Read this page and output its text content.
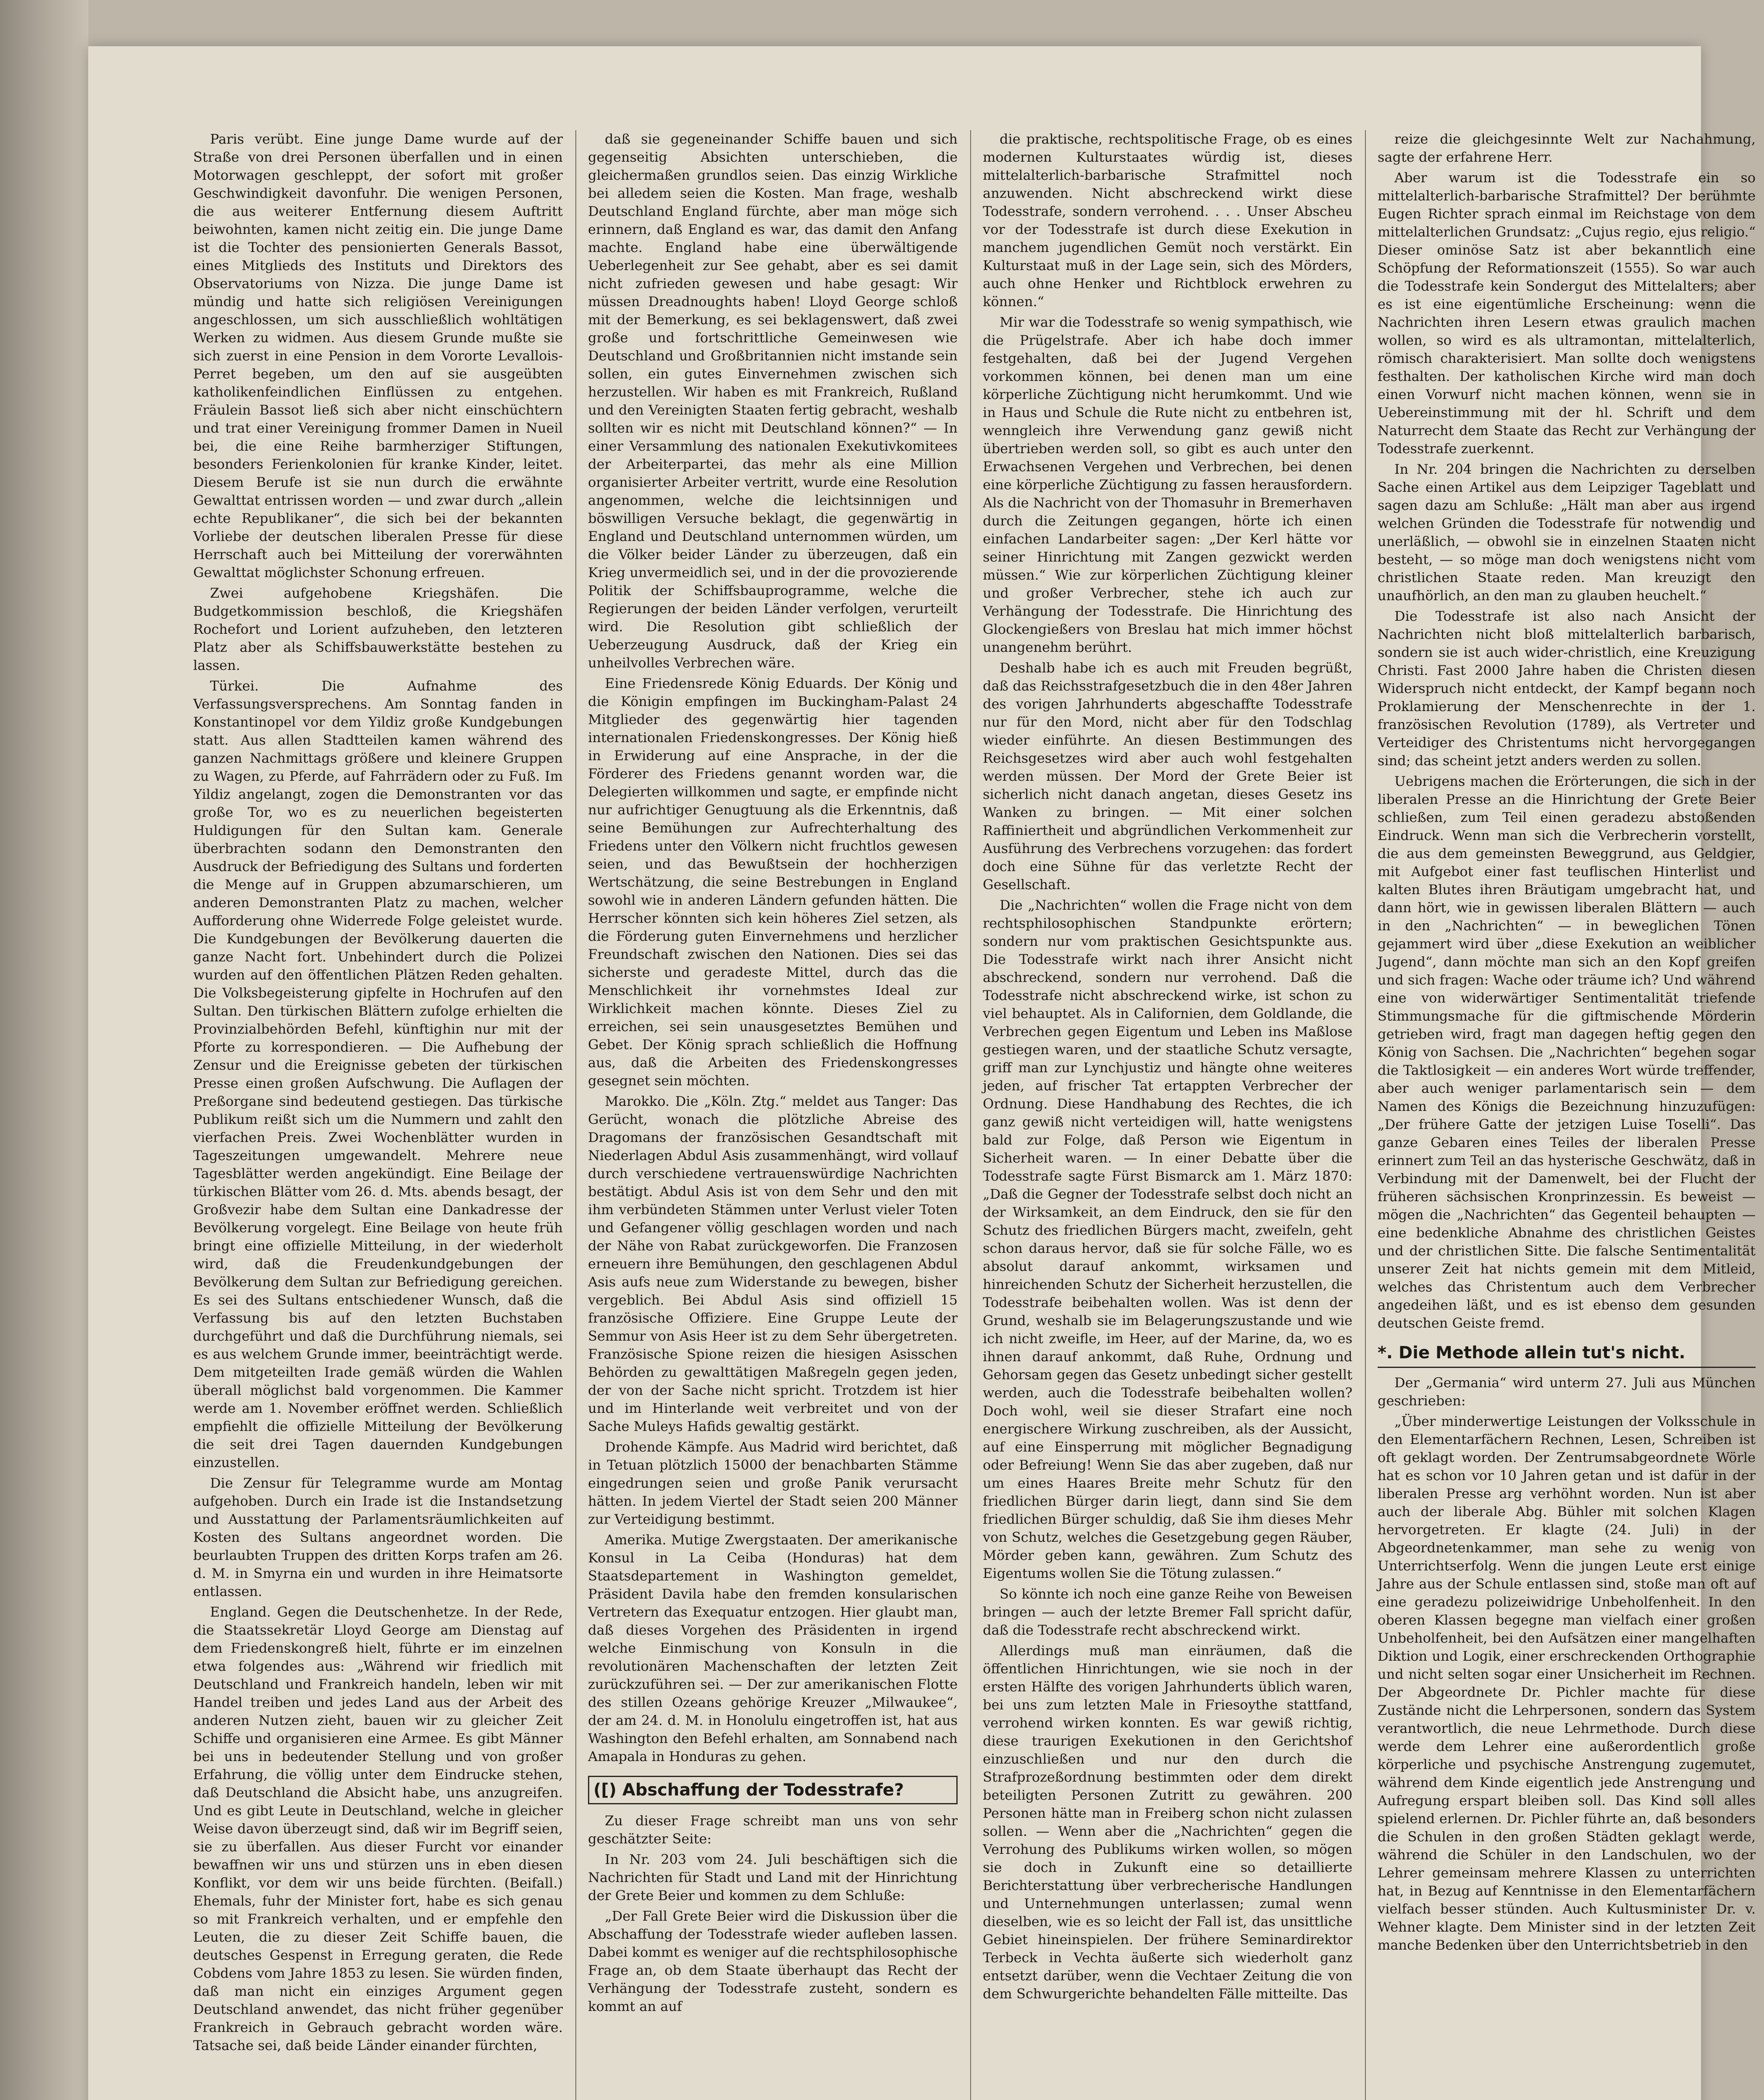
Paris verübt. Eine junge Dame wurde auf der Straße von drei Personen überfallen und in einen Motorwagen geschleppt, der sofort mit großer Geschwindigkeit davonfuhr. Die wenigen Personen, die aus weiterer Entfernung diesem Auftritt beiwohnten, kamen nicht zeitig ein. Die junge Dame ist die Tochter des pensionierten Generals Bassot, eines Mitglieds des Instituts und Direktors des Observatoriums von Nizza. Die junge Dame ist mündig und hatte sich religiösen Vereinigungen angeschlossen, um sich ausschließlich wohltätigen Werken zu widmen. Aus diesem Grunde mußte sie sich zuerst in eine Pension in dem Vororte Levallois-Perret begeben, um den auf sie ausgeübten katholikenfeindlichen Einflüssen zu entgehen. Fräulein Bassot ließ sich aber nicht einschüchtern und trat einer Vereinigung frommer Damen in Nueil bei, die eine Reihe barmherziger Stiftungen, besonders Ferienkolonien für kranke Kinder, leitet. Diesem Berufe ist sie nun durch die erwähnte Gewalttat entrissen worden — und zwar durch „allein echte Republikaner“, die sich bei der bekannten Vorliebe der deutschen liberalen Presse für diese Herrschaft auch bei Mitteilung der vorerwähnten Gewalttat möglichster Schonung erfreuen.

Zwei aufgehobene Kriegshäfen. Die Budgetkommission beschloß, die Kriegshäfen Rochefort und Lorient aufzuheben, den letzteren Platz aber als Schiffsbauwerkstätte bestehen zu lassen.

Türkei. Die Aufnahme des Verfassungsversprechens. Am Sonntag fanden in Konstantinopel vor dem Yildiz große Kundgebungen statt. Aus allen Stadtteilen kamen während des ganzen Nachmittags größere und kleinere Gruppen zu Wagen, zu Pferde, auf Fahrrädern oder zu Fuß. Im Yildiz angelangt, zogen die Demonstranten vor das große Tor, wo es zu neuerlichen begeisterten Huldigungen für den Sultan kam. Generale überbrachten sodann den Demonstranten den Ausdruck der Befriedigung des Sultans und forderten die Menge auf in Gruppen abzumarschieren, um anderen Demonstranten Platz zu machen, welcher Aufforderung ohne Widerrede Folge geleistet wurde. Die Kundgebungen der Bevölkerung dauerten die ganze Nacht fort. Unbehindert durch die Polizei wurden auf den öffentlichen Plätzen Reden gehalten. Die Volksbegeisterung gipfelte in Hochrufen auf den Sultan. Den türkischen Blättern zufolge erhielten die Provinzialbehörden Befehl, künftighin nur mit der Pforte zu korrespondieren. — Die Aufhebung der Zensur und die Ereignisse gebeten der türkischen Presse einen großen Aufschwung. Die Auflagen der Preßorgane sind bedeutend gestiegen. Das türkische Publikum reißt sich um die Nummern und zahlt den vierfachen Preis. Zwei Wochenblätter wurden in Tageszeitungen umgewandelt. Mehrere neue Tagesblätter werden angekündigt. Eine Beilage der türkischen Blätter vom 26. d. Mts. abends besagt, der Großvezir habe dem Sultan eine Dankadresse der Bevölkerung vorgelegt. Eine Beilage von heute früh bringt eine offizielle Mitteilung, in der wiederholt wird, daß die Freudenkundgebungen der Bevölkerung dem Sultan zur Befriedigung gereichen. Es sei des Sultans entschiedener Wunsch, daß die Verfassung bis auf den letzten Buchstaben durchgeführt und daß die Durchführung niemals, sei es aus welchem Grunde immer, beeinträchtigt werde. Dem mitgeteilten Irade gemäß würden die Wahlen überall möglichst bald vorgenommen. Die Kammer werde am 1. November eröffnet werden. Schließlich empfiehlt die offizielle Mitteilung der Bevölkerung die seit drei Tagen dauernden Kundgebungen einzustellen.

Die Zensur für Telegramme wurde am Montag aufgehoben. Durch ein Irade ist die Instandsetzung und Ausstattung der Parlamentsräumlichkeiten auf Kosten des Sultans angeordnet worden. Die beurlaubten Truppen des dritten Korps trafen am 26. d. M. in Smyrna ein und wurden in ihre Heimatsorte entlassen.

England. Gegen die Deutschenhetze. In der Rede, die Staatssekretär Lloyd George am Dienstag auf dem Friedenskongreß hielt, führte er im einzelnen etwa folgendes aus: „Während wir friedlich mit Deutschland und Frankreich handeln, leben wir mit Handel treiben und jedes Land aus der Arbeit des anderen Nutzen zieht, bauen wir zu gleicher Zeit Schiffe und organisieren eine Armee. Es gibt Männer bei uns in bedeutender Stellung und von großer Erfahrung, die völlig unter dem Eindrucke stehen, daß Deutschland die Absicht habe, uns anzugreifen. Und es gibt Leute in Deutschland, welche in gleicher Weise davon überzeugt sind, daß wir im Begriff seien, sie zu überfallen. Aus dieser Furcht vor einander bewaffnen wir uns und stürzen uns in eben diesen Konflikt, vor dem wir uns beide fürchten. (Beifall.) Ehemals, fuhr der Minister fort, habe es sich genau so mit Frankreich verhalten, und er empfehle den Leuten, die zu dieser Zeit Schiffe bauen, die deutsches Gespenst in Erregung geraten, die Rede Cobdens vom Jahre 1853 zu lesen. Sie würden finden, daß man nicht ein einziges Argument gegen Deutschland anwendet, das nicht früher gegenüber Frankreich in Gebrauch gebracht worden wäre. Tatsache sei, daß beide Länder einander fürchten,

daß sie gegeneinander Schiffe bauen und sich gegenseitig Absichten unterschieben, die gleichermaßen grundlos seien. Das einzig Wirkliche bei alledem seien die Kosten. Man frage, weshalb Deutschland England fürchte, aber man möge sich erinnern, daß England es war, das damit den Anfang machte. England habe eine überwältigende Ueberlegenheit zur See gehabt, aber es sei damit nicht zufrieden gewesen und habe gesagt: Wir müssen Dreadnoughts haben! Lloyd George schloß mit der Bemerkung, es sei beklagenswert, daß zwei große und fortschrittliche Gemeinwesen wie Deutschland und Großbritannien nicht imstande sein sollen, ein gutes Einvernehmen zwischen sich herzustellen. Wir haben es mit Frankreich, Rußland und den Vereinigten Staaten fertig gebracht, weshalb sollten wir es nicht mit Deutschland können?“ — In einer Versammlung des nationalen Exekutivkomitees der Arbeiterpartei, das mehr als eine Million organisierter Arbeiter vertritt, wurde eine Resolution angenommen, welche die leichtsinnigen und böswilligen Versuche beklagt, die gegenwärtig in England und Deutschland unternommen würden, um die Völker beider Länder zu überzeugen, daß ein Krieg unvermeidlich sei, und in der die provozierende Politik der Schiffsbauprogramme, welche die Regierungen der beiden Länder verfolgen, verurteilt wird. Die Resolution gibt schließlich der Ueberzeugung Ausdruck, daß der Krieg ein unheilvolles Verbrechen wäre.

Eine Friedensrede König Eduards. Der König und die Königin empfingen im Buckingham-Palast 24 Mitglieder des gegenwärtig hier tagenden internationalen Friedenskongresses. Der König hieß in Erwiderung auf eine Ansprache, in der die Förderer des Friedens genannt worden war, die Delegierten willkommen und sagte, er empfinde nicht nur aufrichtiger Genugtuung als die Erkenntnis, daß seine Bemühungen zur Aufrechterhaltung des Friedens unter den Völkern nicht fruchtlos gewesen seien, und das Bewußtsein der hochherzigen Wertschätzung, die seine Bestrebungen in England sowohl wie in anderen Ländern gefunden hätten. Die Herrscher könnten sich kein höheres Ziel setzen, als die Förderung guten Einvernehmens und herzlicher Freundschaft zwischen den Nationen. Dies sei das sicherste und geradeste Mittel, durch das die Menschlichkeit ihr vornehmstes Ideal zur Wirklichkeit machen könnte. Dieses Ziel zu erreichen, sei sein unausgesetztes Bemühen und Gebet. Der König sprach schließlich die Hoffnung aus, daß die Arbeiten des Friedenskongresses gesegnet sein möchten.

Marokko. Die „Köln. Ztg.“ meldet aus Tanger: Das Gerücht, wonach die plötzliche Abreise des Dragomans der französischen Gesandtschaft mit Niederlagen Abdul Asis zusammenhängt, wird vollauf durch verschiedene vertrauenswürdige Nachrichten bestätigt. Abdul Asis ist von dem Sehr und den mit ihm verbündeten Stämmen unter Verlust vieler Toten und Gefangener völlig geschlagen worden und nach der Nähe von Rabat zurückgeworfen. Die Franzosen erneuern ihre Bemühungen, den geschlagenen Abdul Asis aufs neue zum Widerstande zu bewegen, bisher vergeblich. Bei Abdul Asis sind offiziell 15 französische Offiziere. Eine Gruppe Leute der Semmur von Asis Heer ist zu dem Sehr übergetreten. Französische Spione reizen die hiesigen Asisschen Behörden zu gewalttätigen Maßregeln gegen jeden, der von der Sache nicht spricht. Trotzdem ist hier und im Hinterlande weit verbreitet und von der Sache Muleys Hafids gewaltig gestärkt.

Drohende Kämpfe. Aus Madrid wird berichtet, daß in Tetuan plötzlich 15000 der benachbarten Stämme eingedrungen seien und große Panik verursacht hätten. In jedem Viertel der Stadt seien 200 Männer zur Verteidigung bestimmt.

Amerika. Mutige Zwergstaaten. Der amerikanische Konsul in La Ceiba (Honduras) hat dem Staatsdepartement in Washington gemeldet, Präsident Davila habe den fremden konsularischen Vertretern das Exequatur entzogen. Hier glaubt man, daß dieses Vorgehen des Präsidenten in irgend welche Einmischung von Konsuln in die revolutionären Machenschaften der letzten Zeit zurückzuführen sei. — Der zur amerikanischen Flotte des stillen Ozeans gehörige Kreuzer „Milwaukee“, der am 24. d. M. in Honolulu eingetroffen ist, hat aus Washington den Befehl erhalten, am Sonnabend nach Amapala in Honduras zu gehen.

([) Abschaffung der Todesstrafe?

Zu dieser Frage schreibt man uns von sehr geschätzter Seite:

In Nr. 203 vom 24. Juli beschäftigen sich die Nachrichten für Stadt und Land mit der Hinrichtung der Grete Beier und kommen zu dem Schluße:

„Der Fall Grete Beier wird die Diskussion über die Abschaffung der Todesstrafe wieder aufleben lassen. Dabei kommt es weniger auf die rechtsphilosophische Frage an, ob dem Staate überhaupt das Recht der Verhängung der Todesstrafe zusteht, sondern es kommt an auf

die praktische, rechtspolitische Frage, ob es eines modernen Kulturstaates würdig ist, dieses mittelalterlich-barbarische Strafmittel noch anzuwenden. Nicht abschreckend wirkt diese Todesstrafe, sondern verrohend. . . . Unser Abscheu vor der Todesstrafe ist durch diese Exekution in manchem jugendlichen Gemüt noch verstärkt. Ein Kulturstaat muß in der Lage sein, sich des Mörders, auch ohne Henker und Richtblock erwehren zu können.“

Mir war die Todesstrafe so wenig sympathisch, wie die Prügelstrafe. Aber ich habe doch immer festgehalten, daß bei der Jugend Vergehen vorkommen können, bei denen man um eine körperliche Züchtigung nicht herumkommt. Und wie in Haus und Schule die Rute nicht zu entbehren ist, wenngleich ihre Verwendung ganz gewiß nicht übertrieben werden soll, so gibt es auch unter den Erwachsenen Vergehen und Verbrechen, bei denen eine körperliche Züchtigung zu fassen herausfordern. Als die Nachricht von der Thomasuhr in Bremerhaven durch die Zeitungen gegangen, hörte ich einen einfachen Landarbeiter sagen: „Der Kerl hätte vor seiner Hinrichtung mit Zangen gezwickt werden müssen.“ Wie zur körperlichen Züchtigung kleiner und großer Verbrecher, stehe ich auch zur Verhängung der Todesstrafe. Die Hinrichtung des Glockengießers von Breslau hat mich immer höchst unangenehm berührt.

Deshalb habe ich es auch mit Freuden begrüßt, daß das Reichsstrafgesetzbuch die in den 48er Jahren des vorigen Jahrhunderts abgeschaffte Todesstrafe nur für den Mord, nicht aber für den Todschlag wieder einführte. An diesen Bestimmungen des Reichsgesetzes wird aber auch wohl festgehalten werden müssen. Der Mord der Grete Beier ist sicherlich nicht danach angetan, dieses Gesetz ins Wanken zu bringen. — Mit einer solchen Raffiniertheit und abgründlichen Verkommenheit zur Ausführung des Verbrechens vorzugehen: das fordert doch eine Sühne für das verletzte Recht der Gesellschaft.

Die „Nachrichten“ wollen die Frage nicht von dem rechtsphilosophischen Standpunkte erörtern; sondern nur vom praktischen Gesichtspunkte aus. Die Todesstrafe wirkt nach ihrer Ansicht nicht abschreckend, sondern nur verrohend. Daß die Todesstrafe nicht abschreckend wirke, ist schon zu viel behauptet. Als in Californien, dem Goldlande, die Verbrechen gegen Eigentum und Leben ins Maßlose gestiegen waren, und der staatliche Schutz versagte, griff man zur Lynchjustiz und hängte ohne weiteres jeden, auf frischer Tat ertappten Verbrecher der Ordnung. Diese Handhabung des Rechtes, die ich ganz gewiß nicht verteidigen will, hatte wenigstens bald zur Folge, daß Person wie Eigentum in Sicherheit waren. — In einer Debatte über die Todesstrafe sagte Fürst Bismarck am 1. März 1870: „Daß die Gegner der Todesstrafe selbst doch nicht an der Wirksamkeit, an dem Eindruck, den sie für den Schutz des friedlichen Bürgers macht, zweifeln, geht schon daraus hervor, daß sie für solche Fälle, wo es absolut darauf ankommt, wirksamen und hinreichenden Schutz der Sicherheit herzustellen, die Todesstrafe beibehalten wollen. Was ist denn der Grund, weshalb sie im Belagerungszustande und wie ich nicht zweifle, im Heer, auf der Marine, da, wo es ihnen darauf ankommt, daß Ruhe, Ordnung und Gehorsam gegen das Gesetz unbedingt sicher gestellt werden, auch die Todesstrafe beibehalten wollen? Doch wohl, weil sie dieser Strafart eine noch energischere Wirkung zuschreiben, als der Aussicht, auf eine Einsperrung mit möglicher Begnadigung oder Befreiung! Wenn Sie das aber zugeben, daß nur um eines Haares Breite mehr Schutz für den friedlichen Bürger darin liegt, dann sind Sie dem friedlichen Bürger schuldig, daß Sie ihm dieses Mehr von Schutz, welches die Gesetzgebung gegen Räuber, Mörder geben kann, gewähren. Zum Schutz des Eigentums wollen Sie die Tötung zulassen.“

So könnte ich noch eine ganze Reihe von Beweisen bringen — auch der letzte Bremer Fall spricht dafür, daß die Todesstrafe recht abschreckend wirkt.

Allerdings muß man einräumen, daß die öffentlichen Hinrichtungen, wie sie noch in der ersten Hälfte des vorigen Jahrhunderts üblich waren, bei uns zum letzten Male in Friesoythe stattfand, verrohend wirken konnten. Es war gewiß richtig, diese traurigen Exekutionen in den Gerichtshof einzuschließen und nur den durch die Strafprozeßordnung bestimmten oder dem direkt beteiligten Personen Zutritt zu gewähren. 200 Personen hätte man in Freiberg schon nicht zulassen sollen. — Wenn aber die „Nachrichten“ gegen die Verrohung des Publikums wirken wollen, so mögen sie doch in Zukunft eine so detaillierte Berichterstattung über verbrecherische Handlungen und Unternehmungen unterlassen; zumal wenn dieselben, wie es so leicht der Fall ist, das unsittliche Gebiet hineinspielen. Der frühere Seminardirektor Terbeck in Vechta äußerte sich wiederholt ganz entsetzt darüber, wenn die Vechtaer Zeitung die von dem Schwurgerichte behandelten Fälle mitteilte. Das

reize die gleichgesinnte Welt zur Nachahmung, sagte der erfahrene Herr.

Aber warum ist die Todesstrafe ein so mittelalterlich-barbarische Strafmittel? Der berühmte Eugen Richter sprach einmal im Reichstage von dem mittelalterlichen Grundsatz: „Cujus regio, ejus religio.“ Dieser ominöse Satz ist aber bekanntlich eine Schöpfung der Reformationszeit (1555). So war auch die Todesstrafe kein Sondergut des Mittelalters; aber es ist eine eigentümliche Erscheinung: wenn die Nachrichten ihren Lesern etwas graulich machen wollen, so wird es als ultramontan, mittelalterlich, römisch charakterisiert. Man sollte doch wenigstens festhalten. Der katholischen Kirche wird man doch einen Vorwurf nicht machen können, wenn sie in Uebereinstimmung mit der hl. Schrift und dem Naturrecht dem Staate das Recht zur Verhängung der Todesstrafe zuerkennt.

In Nr. 204 bringen die Nachrichten zu derselben Sache einen Artikel aus dem Leipziger Tageblatt und sagen dazu am Schluße: „Hält man aber aus irgend welchen Gründen die Todesstrafe für notwendig und unerläßlich, — obwohl sie in einzelnen Staaten nicht besteht, — so möge man doch wenigstens nicht vom christlichen Staate reden. Man kreuzigt den unaufhörlich, an den man zu glauben heuchelt.“

Die Todesstrafe ist also nach Ansicht der Nachrichten nicht bloß mittelalterlich barbarisch, sondern sie ist auch wider-christlich, eine Kreuzigung Christi. Fast 2000 Jahre haben die Christen diesen Widerspruch nicht entdeckt, der Kampf begann noch Proklamierung der Menschenrechte in der 1. französischen Revolution (1789), als Vertreter und Verteidiger des Christentums nicht hervorgegangen sind; das scheint jetzt anders werden zu sollen.

Uebrigens machen die Erörterungen, die sich in der liberalen Presse an die Hinrichtung der Grete Beier schließen, zum Teil einen geradezu abstoßenden Eindruck. Wenn man sich die Verbrecherin vorstellt, die aus dem gemeinsten Beweggrund, aus Geldgier, mit Aufgebot einer fast teuflischen Hinterlist und kalten Blutes ihren Bräutigam umgebracht hat, und dann hört, wie in gewissen liberalen Blättern — auch in den „Nachrichten“ — in beweglichen Tönen gejammert wird über „diese Exekution an weiblicher Jugend“, dann möchte man sich an den Kopf greifen und sich fragen: Wache oder träume ich? Und während eine von widerwärtiger Sentimentalität triefende Stimmungsmache für die giftmischende Mörderin getrieben wird, fragt man dagegen heftig gegen den König von Sachsen. Die „Nachrichten“ begehen sogar die Taktlosigkeit — ein anderes Wort würde treffender, aber auch weniger parlamentarisch sein — dem Namen des Königs die Bezeichnung hinzuzufügen: „Der frühere Gatte der jetzigen Luise Toselli“. Das ganze Gebaren eines Teiles der liberalen Presse erinnert zum Teil an das hysterische Geschwätz, daß in Verbindung mit der Damenwelt, bei der Flucht der früheren sächsischen Kronprinzessin. Es beweist — mögen die „Nachrichten“ das Gegenteil behaupten — eine bedenkliche Abnahme des christlichen Geistes und der christlichen Sitte. Die falsche Sentimentalität unserer Zeit hat nichts gemein mit dem Mitleid, welches das Christentum auch dem Verbrecher angedeihen läßt, und es ist ebenso dem gesunden deutschen Geiste fremd.

*. Die Methode allein tut's nicht.

Der „Germania“ wird unterm 27. Juli aus München geschrieben:

„Über minderwertige Leistungen der Volksschule in den Elementarfächern Rechnen, Lesen, Schreiben ist oft geklagt worden. Der Zentrumsabgeordnete Wörle hat es schon vor 10 Jahren getan und ist dafür in der liberalen Presse arg verhöhnt worden. Nun ist aber auch der liberale Abg. Bühler mit solchen Klagen hervorgetreten. Er klagte (24. Juli) in der Abgeordnetenkammer, man sehe zu wenig von Unterrichtserfolg. Wenn die jungen Leute erst einige Jahre aus der Schule entlassen sind, stoße man oft auf eine geradezu polizeiwidrige Unbeholfenheit. In den oberen Klassen begegne man vielfach einer großen Unbeholfenheit, bei den Aufsätzen einer mangelhaften Diktion und Logik, einer erschreckenden Orthographie und nicht selten sogar einer Unsicherheit im Rechnen. Der Abgeordnete Dr. Pichler machte für diese Zustände nicht die Lehrpersonen, sondern das System verantwortlich, die neue Lehrmethode. Durch diese werde dem Lehrer eine außerordentlich große körperliche und psychische Anstrengung zugemutet, während dem Kinde eigentlich jede Anstrengung und Aufregung erspart bleiben soll. Das Kind soll alles spielend erlernen. Dr. Pichler führte an, daß besonders die Schulen in den großen Städten geklagt werde, während die Schüler in den Landschulen, wo der Lehrer gemeinsam mehrere Klassen zu unterrichten hat, in Bezug auf Kenntnisse in den Elementarfächern vielfach besser stünden. Auch Kultusminister Dr. v. Wehner klagte. Dem Minister sind in der letzten Zeit manche Bedenken über den Unterrichtsbetrieb in den
